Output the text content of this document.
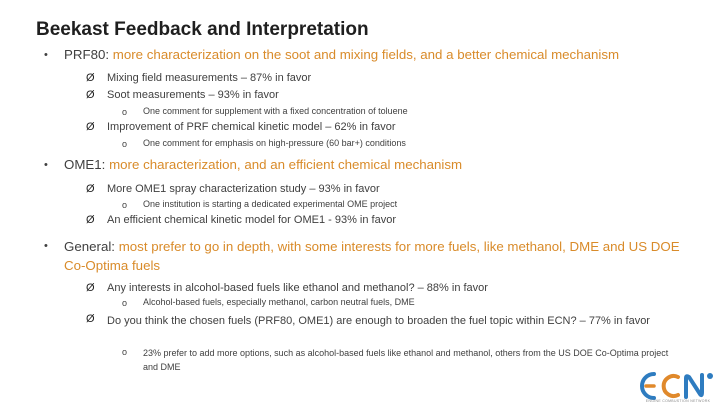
Beekast Feedback and Interpretation
• PRF80: more characterization on the soot and mixing fields, and a better chemical mechanism
Ø Mixing field measurements – 87% in favor
Ø Soot measurements – 93% in favor
o One comment for supplement with a fixed concentration of toluene
Ø Improvement of PRF chemical kinetic model – 62% in favor
o One comment for emphasis on high-pressure (60 bar+) conditions
• OME1: more characterization, and an efficient chemical mechanism
Ø More OME1 spray characterization study – 93% in favor
o One institution is starting a dedicated experimental OME project
Ø An efficient chemical kinetic model for OME1 - 93% in favor
• General: most prefer to go in depth, with some interests for more fuels, like methanol, DME and US DOE Co-Optima fuels
Ø Any interests in alcohol-based fuels like ethanol and methanol? – 88% in favor
o Alcohol-based fuels, especially methanol, carbon neutral fuels, DME
Ø Do you think the chosen fuels (PRF80, OME1) are enough to broaden the fuel topic within ECN? – 77% in favor
o 23% prefer to add more options, such as alcohol-based fuels like ethanol and methanol, others from the US DOE Co-Optima project and DME
ENGINE COMBUSTION NETWORK
